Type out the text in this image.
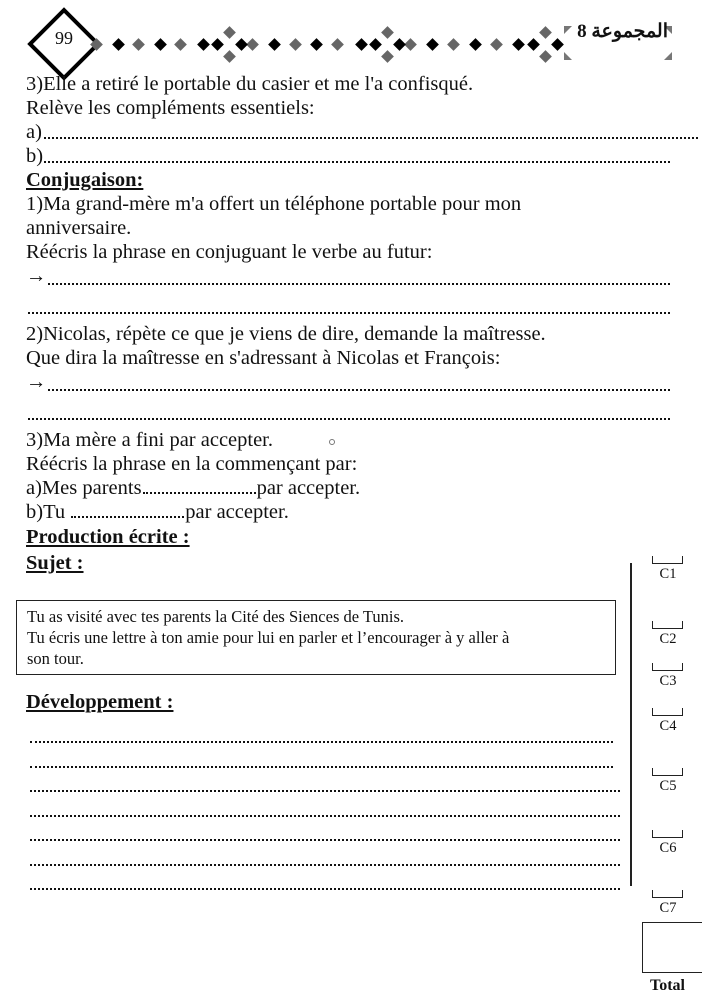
99	المجموعة 8
3)Elle a retiré le portable du casier et me l'a confisqué.
Relève les compléments essentiels:
a)
b)
Conjugaison:
1)Ma grand-mère m'a offert un téléphone portable pour mon
anniversaire.
Réécris la phrase en conjuguant le verbe au futur:
→
2)Nicolas, répète ce que je viens de dire, demande la maîtresse.
Que dira la maîtresse en s'adressant à Nicolas et François:
→
3)Ma mère a fini par accepter.
Réécris la phrase en la commençant par:
a)Mes parents	par accepter.
b)Tu	par accepter.
Production écrite :
Sujet :
Tu as visité avec tes parents la Cité des Siences de Tunis.
Tu écris une lettre à ton amie pour lui en parler et l’encourager à y aller à
son tour.
Développement :
C1
C2
C3
C4
C5
C6
C7
Total
